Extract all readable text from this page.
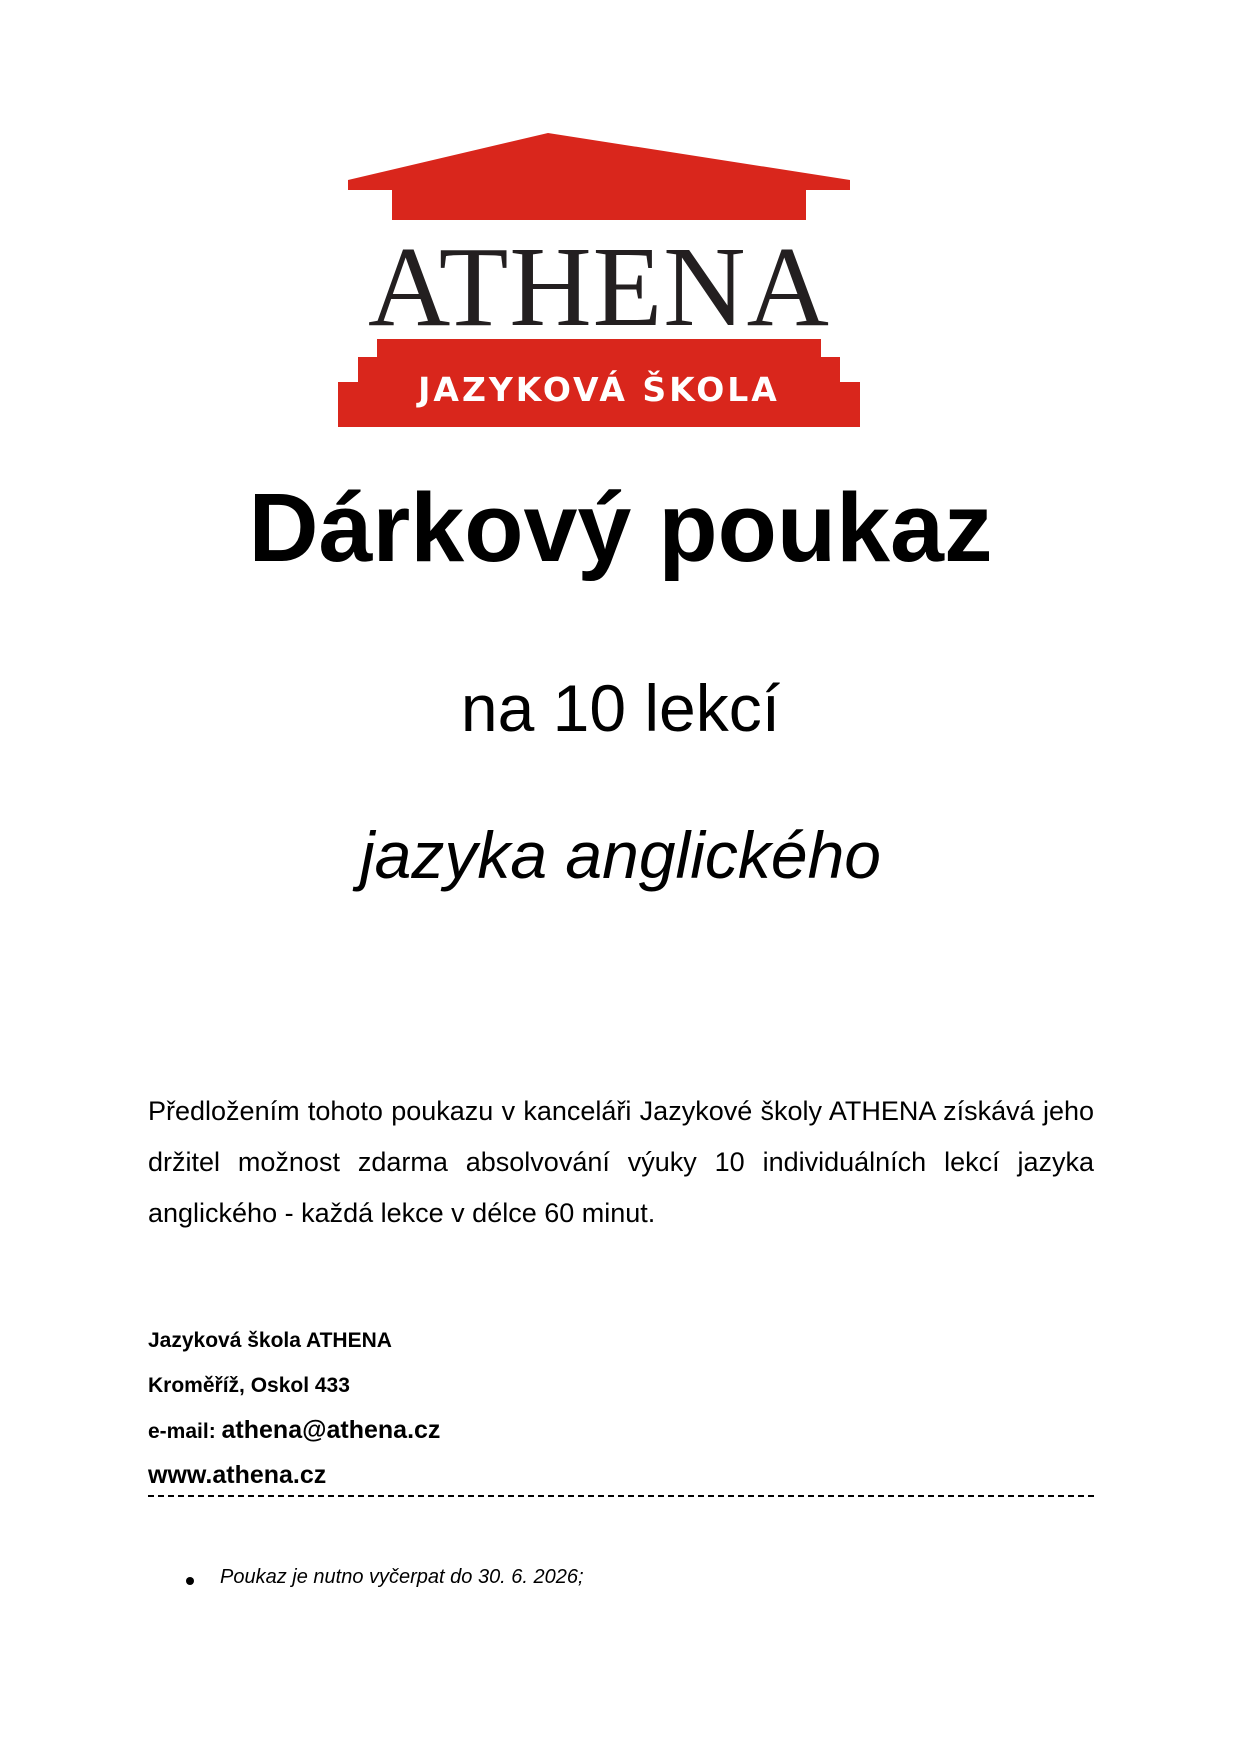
ATHENA
JAZYKOVÁ ŠKOLA
Dárkový poukaz

na 10 lekcí

jazyka anglického

Předložením tohoto poukazu v kanceláři Jazykové školy ATHENA získává jeho držitel možnost zdarma absolvování výuky 10 individuálních lekcí jazyka anglického - každá lekce v délce 60 minut.

Jazyková škola ATHENA
Kroměříž, Oskol 433
e-mail: athena@athena.cz
www.athena.cz
Poukaz je nutno vyčerpat do 30. 6. 2026;
